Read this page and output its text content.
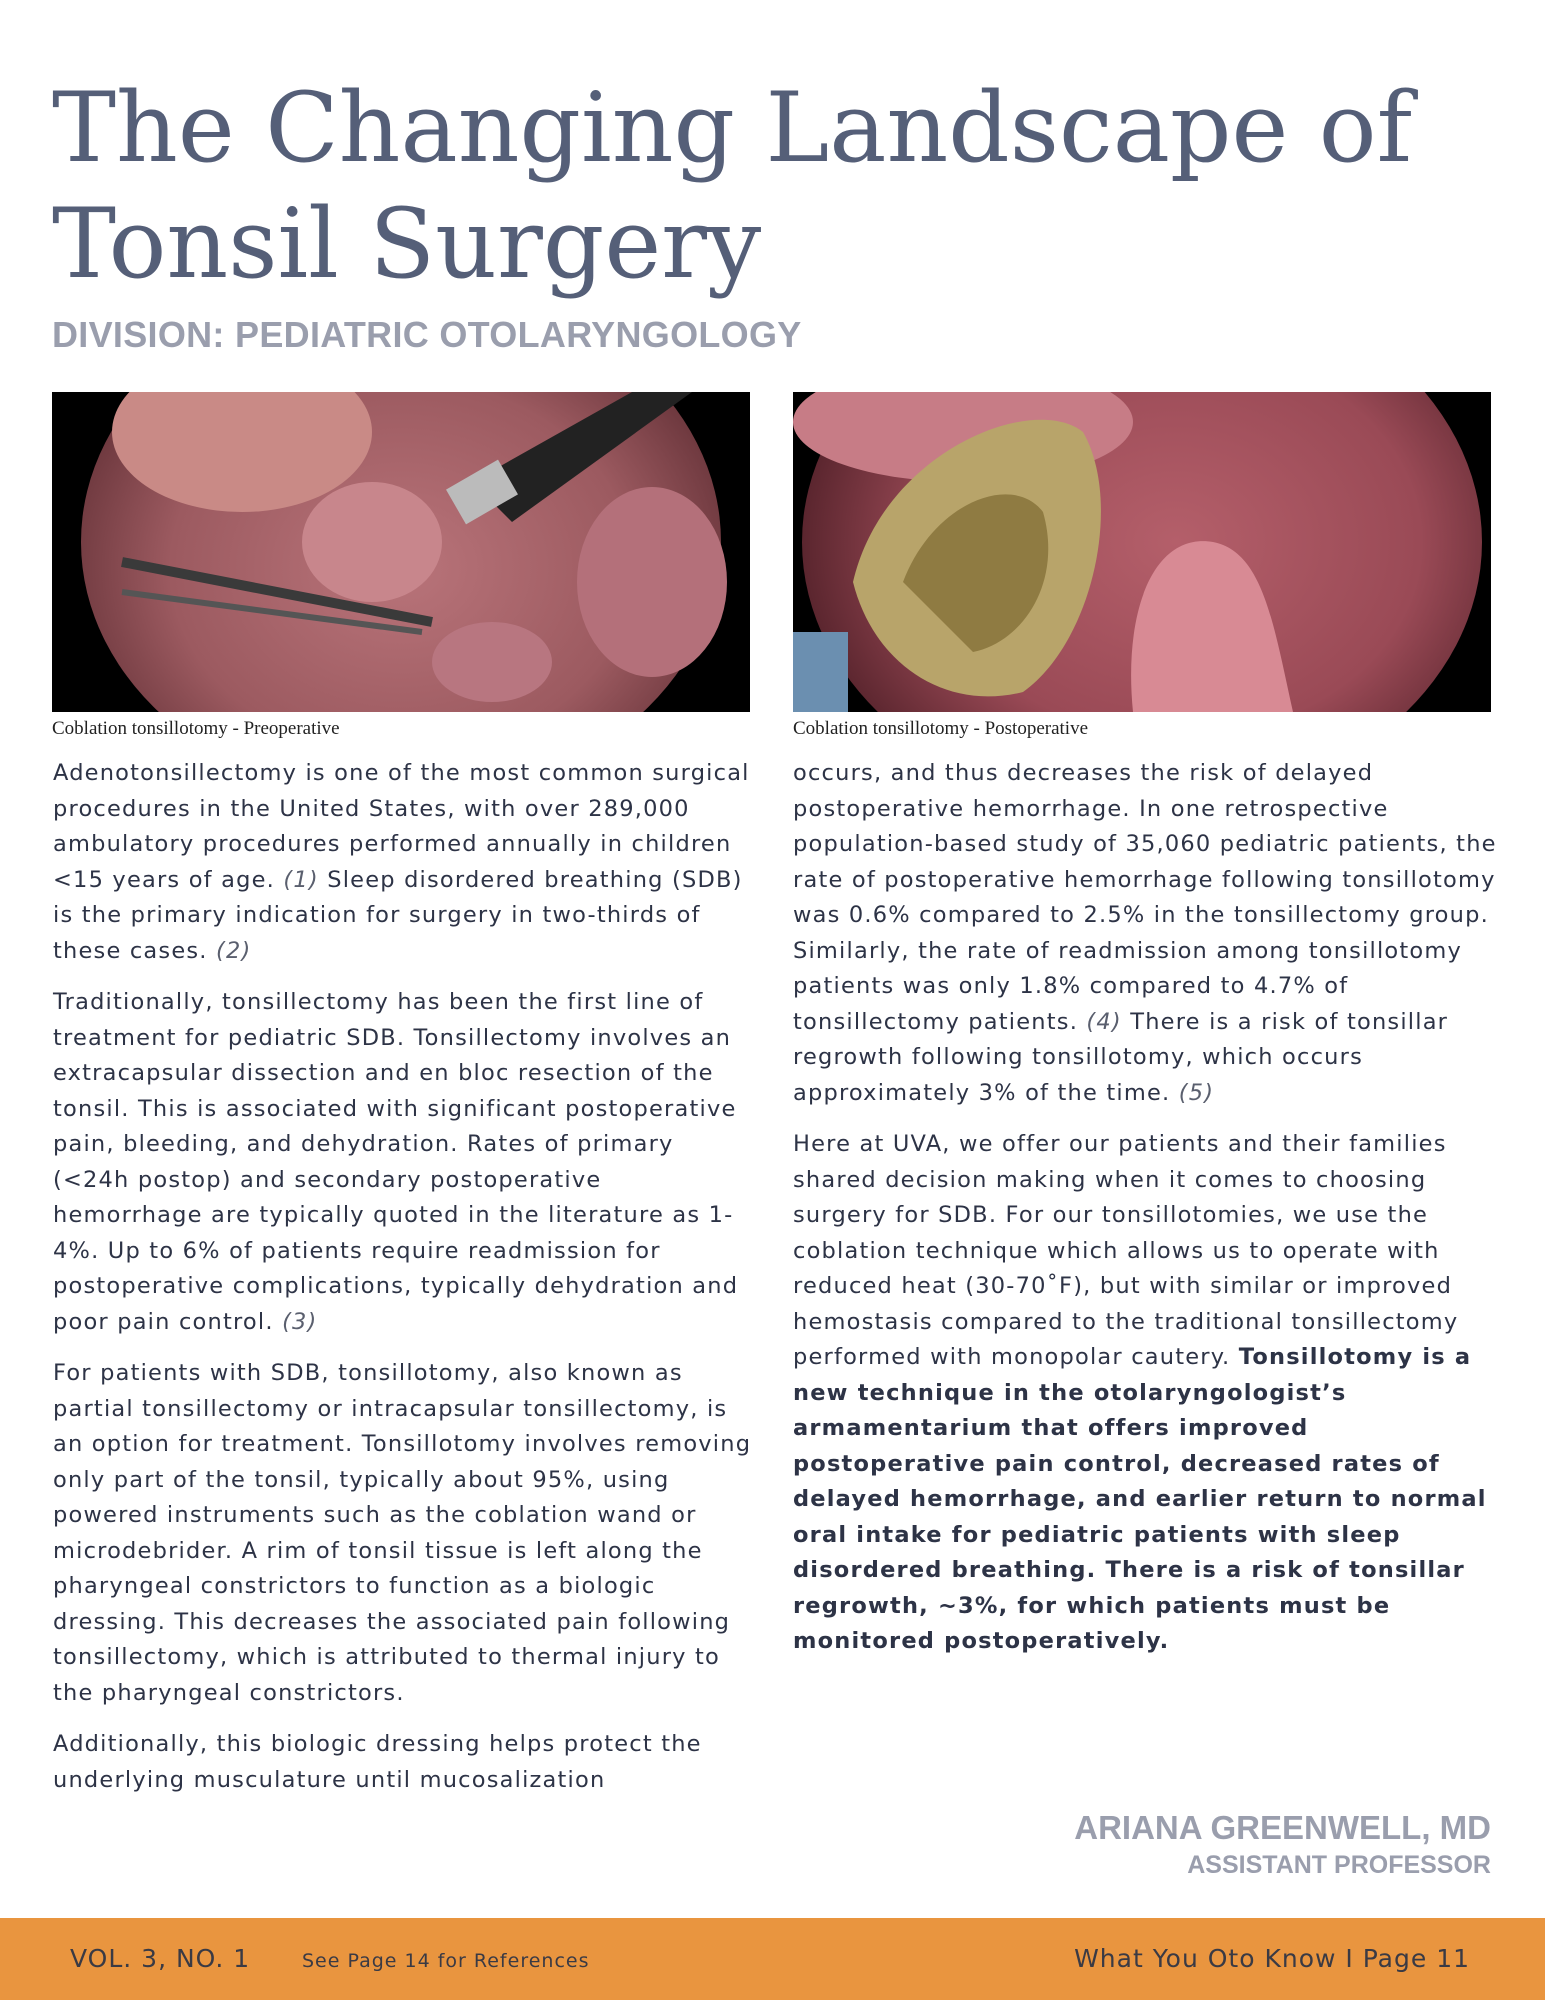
The Changing Landscape of Tonsil Surgery
DIVISION: PEDIATRIC OTOLARYNGOLOGY
Coblation tonsillotomy - Preoperative	Coblation tonsillotomy - Postoperative

Adenotonsillectomy is one of the most common surgical procedures in the United States, with over 289,000 ambulatory procedures performed annually in children <15 years of age. (1) Sleep disordered breathing (SDB) is the primary indication for surgery in two-thirds of these cases. (2)

Traditionally, tonsillectomy has been the first line of treatment for pediatric SDB. Tonsillectomy involves an extracapsular dissection and en bloc resection of the tonsil. This is associated with significant postoperative pain, bleeding, and dehydration. Rates of primary (<24h postop) and secondary postoperative hemorrhage are typically quoted in the literature as 1-4%. Up to 6% of patients require readmission for postoperative complications, typically dehydration and poor pain control. (3)

For patients with SDB, tonsillotomy, also known as partial tonsillectomy or intracapsular tonsillectomy, is an option for treatment. Tonsillotomy involves removing only part of the tonsil, typically about 95%, using powered instruments such as the coblation wand or microdebrider. A rim of tonsil tissue is left along the pharyngeal constrictors to function as a biologic dressing. This decreases the associated pain following tonsillectomy, which is attributed to thermal injury to the pharyngeal constrictors.

Additionally, this biologic dressing helps protect the underlying musculature until mucosalization

occurs, and thus decreases the risk of delayed postoperative hemorrhage. In one retrospective population-based study of 35,060 pediatric patients, the rate of postoperative hemorrhage following tonsillotomy was 0.6% compared to 2.5% in the tonsillectomy group. Similarly, the rate of readmission among tonsillotomy patients was only 1.8% compared to 4.7% of tonsillectomy patients. (4) There is a risk of tonsillar regrowth following tonsillotomy, which occurs approximately 3% of the time. (5)

Here at UVA, we offer our patients and their families shared decision making when it comes to choosing surgery for SDB. For our tonsillotomies, we use the coblation technique which allows us to operate with reduced heat (30-70˚F), but with similar or improved hemostasis compared to the traditional tonsillectomy performed with monopolar cautery. Tonsillotomy is a new technique in the otolaryngologist’s armamentarium that offers improved postoperative pain control, decreased rates of delayed hemorrhage, and earlier return to normal oral intake for pediatric patients with sleep disordered breathing. There is a risk of tonsillar regrowth, ~3%, for which patients must be monitored postoperatively.

ARIANA GREENWELL, MD
ASSISTANT PROFESSOR
VOL. 3, NO. 1	See Page 14 for References	What You Oto Know I Page 11
